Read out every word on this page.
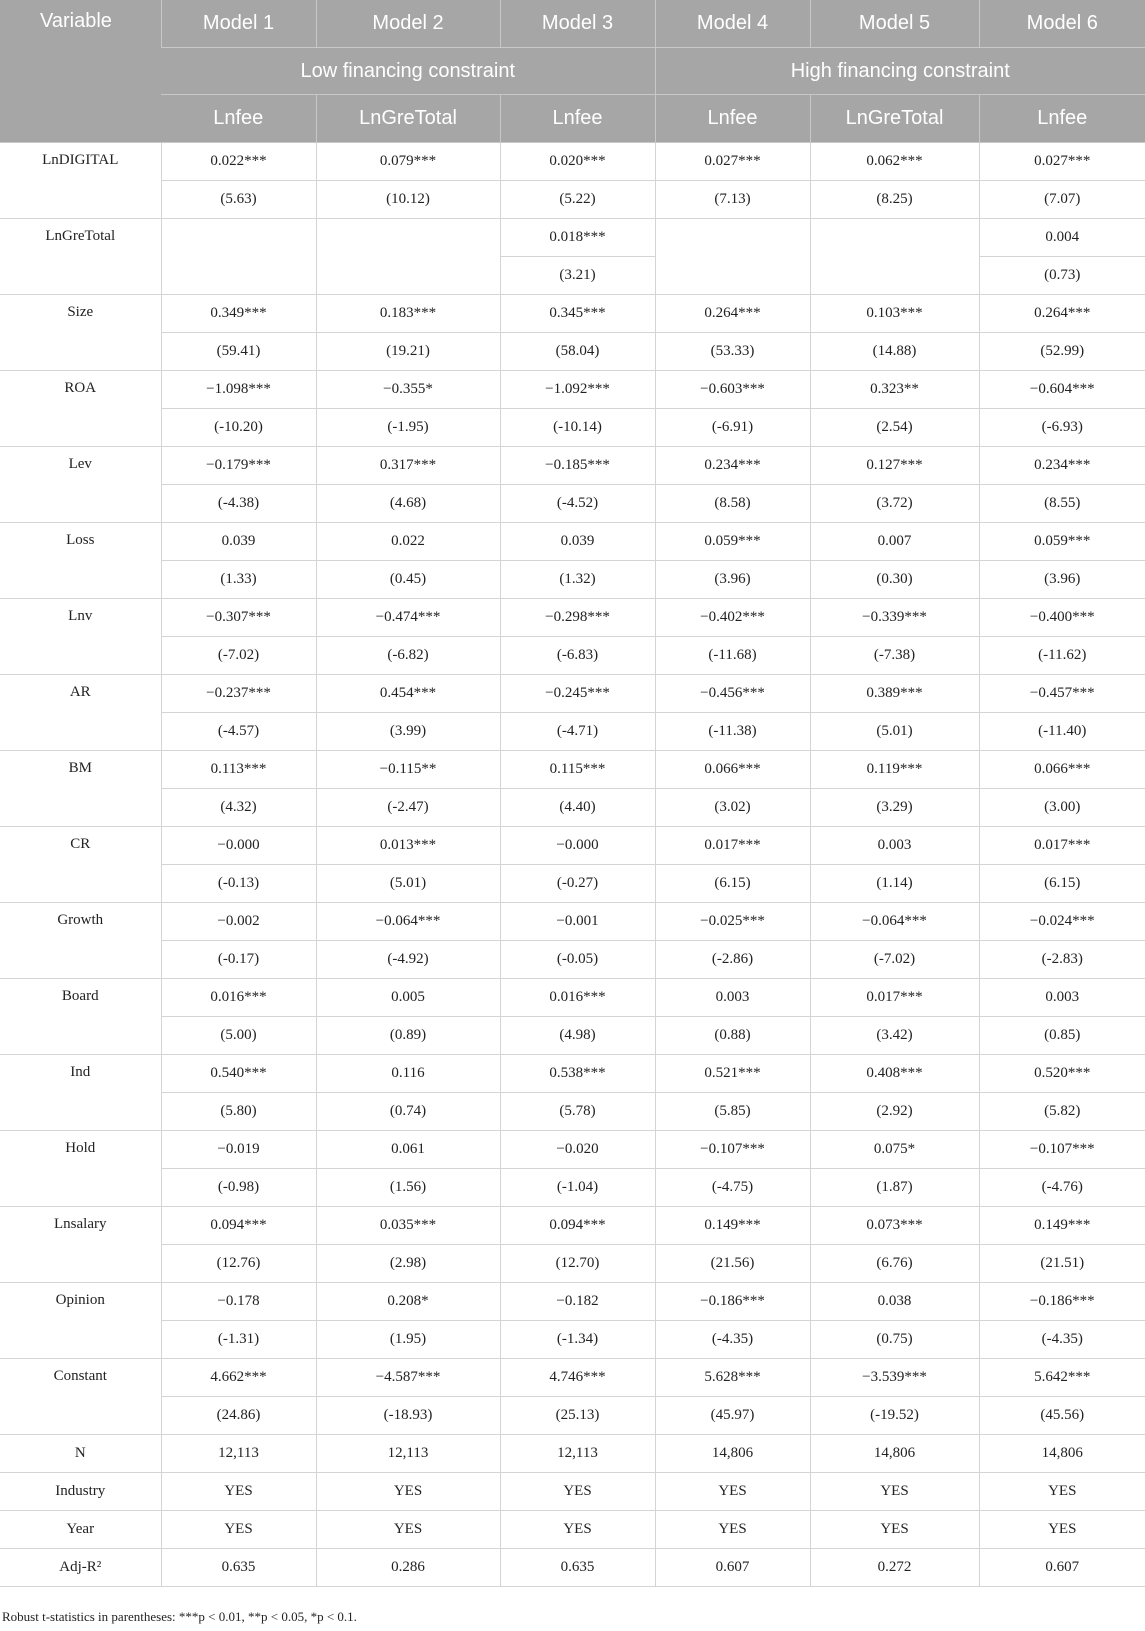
Variable	Model 1	Model 2	Model 3	Model 4	Model 5	Model 6
	Low financing constraint			High financing constraint		
	Lnfee	LnGreTotal	Lnfee	Lnfee	LnGreTotal	Lnfee
LnDIGITAL	0.022***	0.079***	0.020***	0.027***	0.062***	0.027***
	(5.63)	(10.12)	(5.22)	(7.13)	(8.25)	(7.07)
LnGreTotal			0.018***			0.004
			(3.21)			(0.73)
Size	0.349***	0.183***	0.345***	0.264***	0.103***	0.264***
	(59.41)	(19.21)	(58.04)	(53.33)	(14.88)	(52.99)
ROA	−1.098***	−0.355*	−1.092***	−0.603***	0.323**	−0.604***
	(-10.20)	(-1.95)	(-10.14)	(-6.91)	(2.54)	(-6.93)
Lev	−0.179***	0.317***	−0.185***	0.234***	0.127***	0.234***
	(-4.38)	(4.68)	(-4.52)	(8.58)	(3.72)	(8.55)
Loss	0.039	0.022	0.039	0.059***	0.007	0.059***
	(1.33)	(0.45)	(1.32)	(3.96)	(0.30)	(3.96)
Lnv	−0.307***	−0.474***	−0.298***	−0.402***	−0.339***	−0.400***
	(-7.02)	(-6.82)	(-6.83)	(-11.68)	(-7.38)	(-11.62)
AR	−0.237***	0.454***	−0.245***	−0.456***	0.389***	−0.457***
	(-4.57)	(3.99)	(-4.71)	(-11.38)	(5.01)	(-11.40)
BM	0.113***	−0.115**	0.115***	0.066***	0.119***	0.066***
	(4.32)	(-2.47)	(4.40)	(3.02)	(3.29)	(3.00)
CR	−0.000	0.013***	−0.000	0.017***	0.003	0.017***
	(-0.13)	(5.01)	(-0.27)	(6.15)	(1.14)	(6.15)
Growth	−0.002	−0.064***	−0.001	−0.025***	−0.064***	−0.024***
	(-0.17)	(-4.92)	(-0.05)	(-2.86)	(-7.02)	(-2.83)
Board	0.016***	0.005	0.016***	0.003	0.017***	0.003
	(5.00)	(0.89)	(4.98)	(0.88)	(3.42)	(0.85)
Ind	0.540***	0.116	0.538***	0.521***	0.408***	0.520***
	(5.80)	(0.74)	(5.78)	(5.85)	(2.92)	(5.82)
Hold	−0.019	0.061	−0.020	−0.107***	0.075*	−0.107***
	(-0.98)	(1.56)	(-1.04)	(-4.75)	(1.87)	(-4.76)
Lnsalary	0.094***	0.035***	0.094***	0.149***	0.073***	0.149***
	(12.76)	(2.98)	(12.70)	(21.56)	(6.76)	(21.51)
Opinion	−0.178	0.208*	−0.182	−0.186***	0.038	−0.186***
	(-1.31)	(1.95)	(-1.34)	(-4.35)	(0.75)	(-4.35)
Constant	4.662***	−4.587***	4.746***	5.628***	−3.539***	5.642***
	(24.86)	(-18.93)	(25.13)	(45.97)	(-19.52)	(45.56)
N	12,113	12,113	12,113	14,806	14,806	14,806
Industry	YES	YES	YES	YES	YES	YES
Year	YES	YES	YES	YES	YES	YES
Adj-R²	0.635	0.286	0.635	0.607	0.272	0.607
Robust t-statistics in parentheses: ***p < 0.01, **p < 0.05, *p < 0.1.
